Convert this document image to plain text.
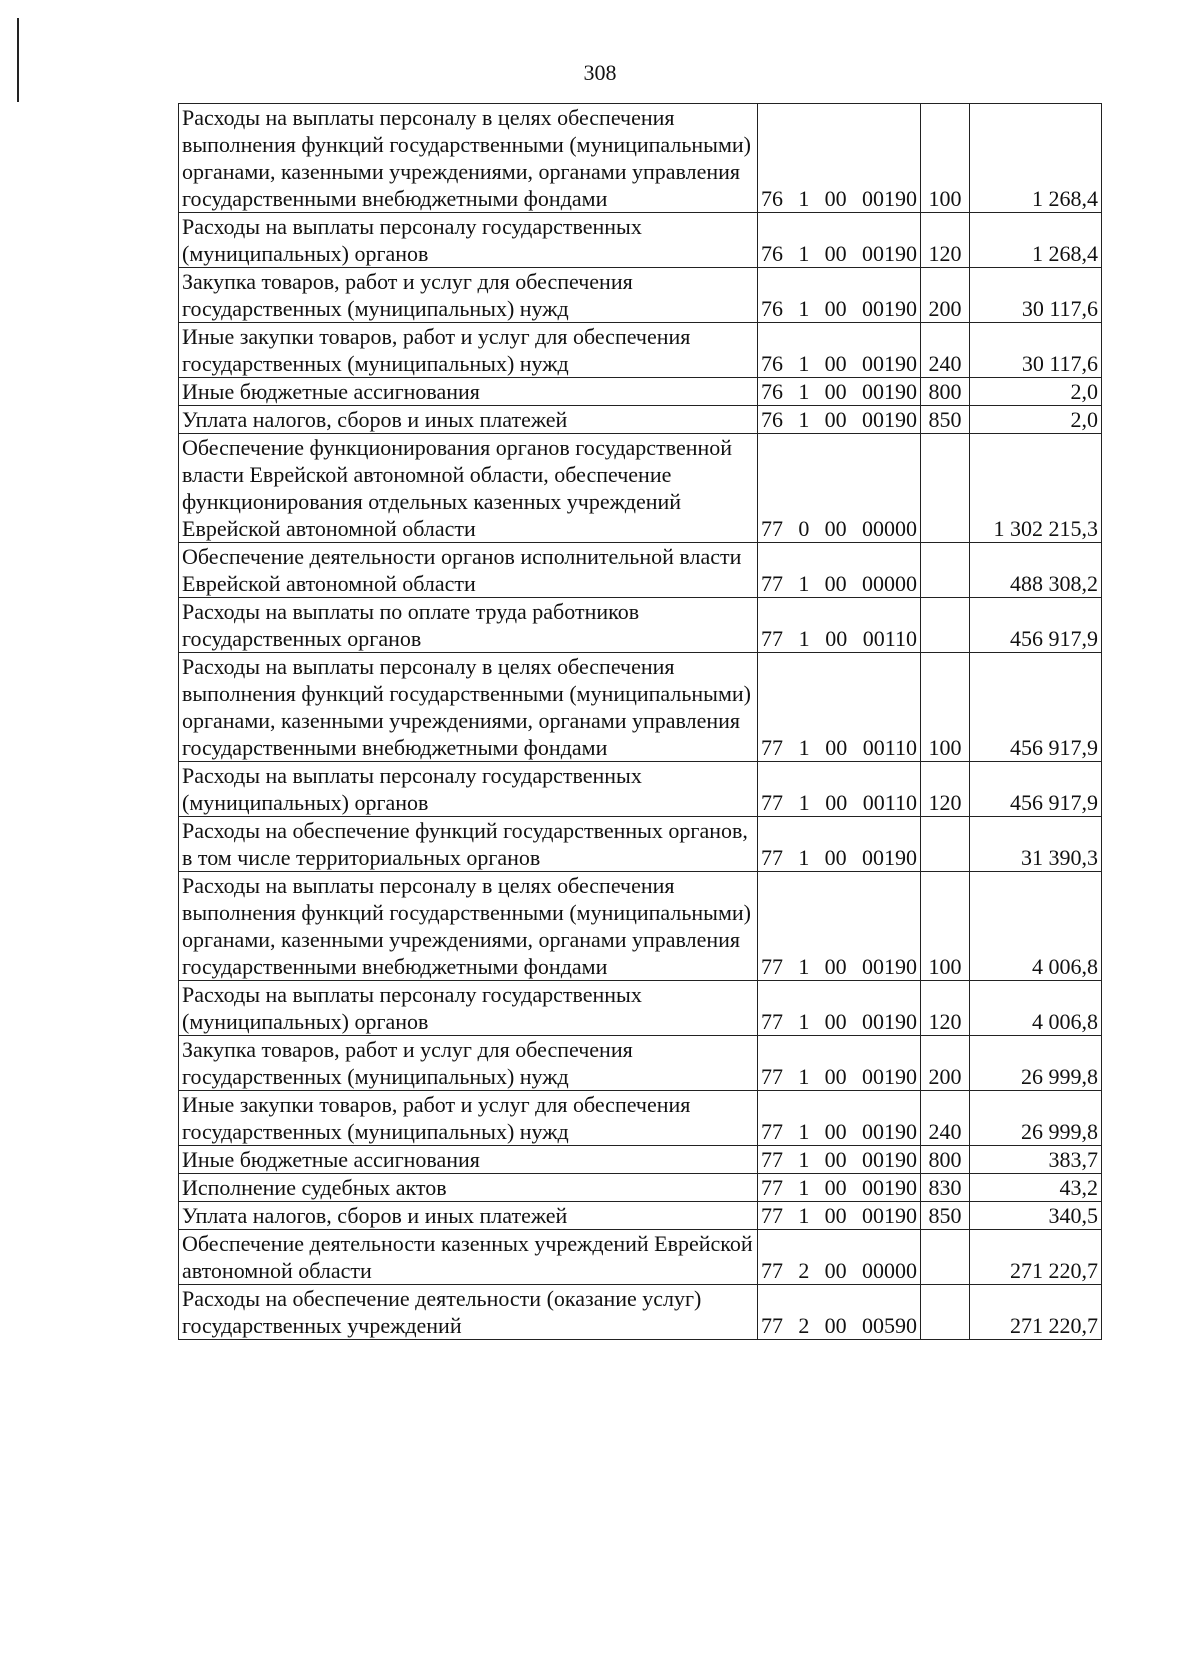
308
Расходы на выплаты персоналу в целях обеспечения выполнения функций государственными (муниципальными) органами, казенными учреждениями, органами управления государственными внебюджетными фондами	76 1 00 00190	100	1 268,4
Расходы на выплаты персоналу государственных (муниципальных) органов	76 1 00 00190	120	1 268,4
Закупка товаров, работ и услуг для обеспечения государственных (муниципальных) нужд	76 1 00 00190	200	30 117,6
Иные закупки товаров, работ и услуг для обеспечения государственных (муниципальных) нужд	76 1 00 00190	240	30 117,6
Иные бюджетные ассигнования	76 1 00 00190	800	2,0
Уплата налогов, сборов и иных платежей	76 1 00 00190	850	2,0
Обеспечение функционирования органов государственной власти Еврейской автономной области, обеспечение функционирования отдельных казенных учреждений Еврейской автономной области	77 0 00 00000		1 302 215,3
Обеспечение деятельности органов исполнительной власти Еврейской автономной области	77 1 00 00000		488 308,2
Расходы на выплаты по оплате труда работников государственных органов	77 1 00 00110		456 917,9
Расходы на выплаты персоналу в целях обеспечения выполнения функций государственными (муниципальными) органами, казенными учреждениями, органами управления государственными внебюджетными фондами	77 1 00 00110	100	456 917,9
Расходы на выплаты персоналу государственных (муниципальных) органов	77 1 00 00110	120	456 917,9
Расходы на обеспечение функций государственных органов, в том числе территориальных органов	77 1 00 00190		31 390,3
Расходы на выплаты персоналу в целях обеспечения выполнения функций государственными (муниципальными) органами, казенными учреждениями, органами управления государственными внебюджетными фондами	77 1 00 00190	100	4 006,8
Расходы на выплаты персоналу государственных (муниципальных) органов	77 1 00 00190	120	4 006,8
Закупка товаров, работ и услуг для обеспечения государственных (муниципальных) нужд	77 1 00 00190	200	26 999,8
Иные закупки товаров, работ и услуг для обеспечения государственных (муниципальных) нужд	77 1 00 00190	240	26 999,8
Иные бюджетные ассигнования	77 1 00 00190	800	383,7
Исполнение судебных актов	77 1 00 00190	830	43,2
Уплата налогов, сборов и иных платежей	77 1 00 00190	850	340,5
Обеспечение деятельности казенных учреждений Еврейской автономной области	77 2 00 00000		271 220,7
Расходы на обеспечение деятельности (оказание услуг) государственных учреждений	77 2 00 00590		271 220,7
